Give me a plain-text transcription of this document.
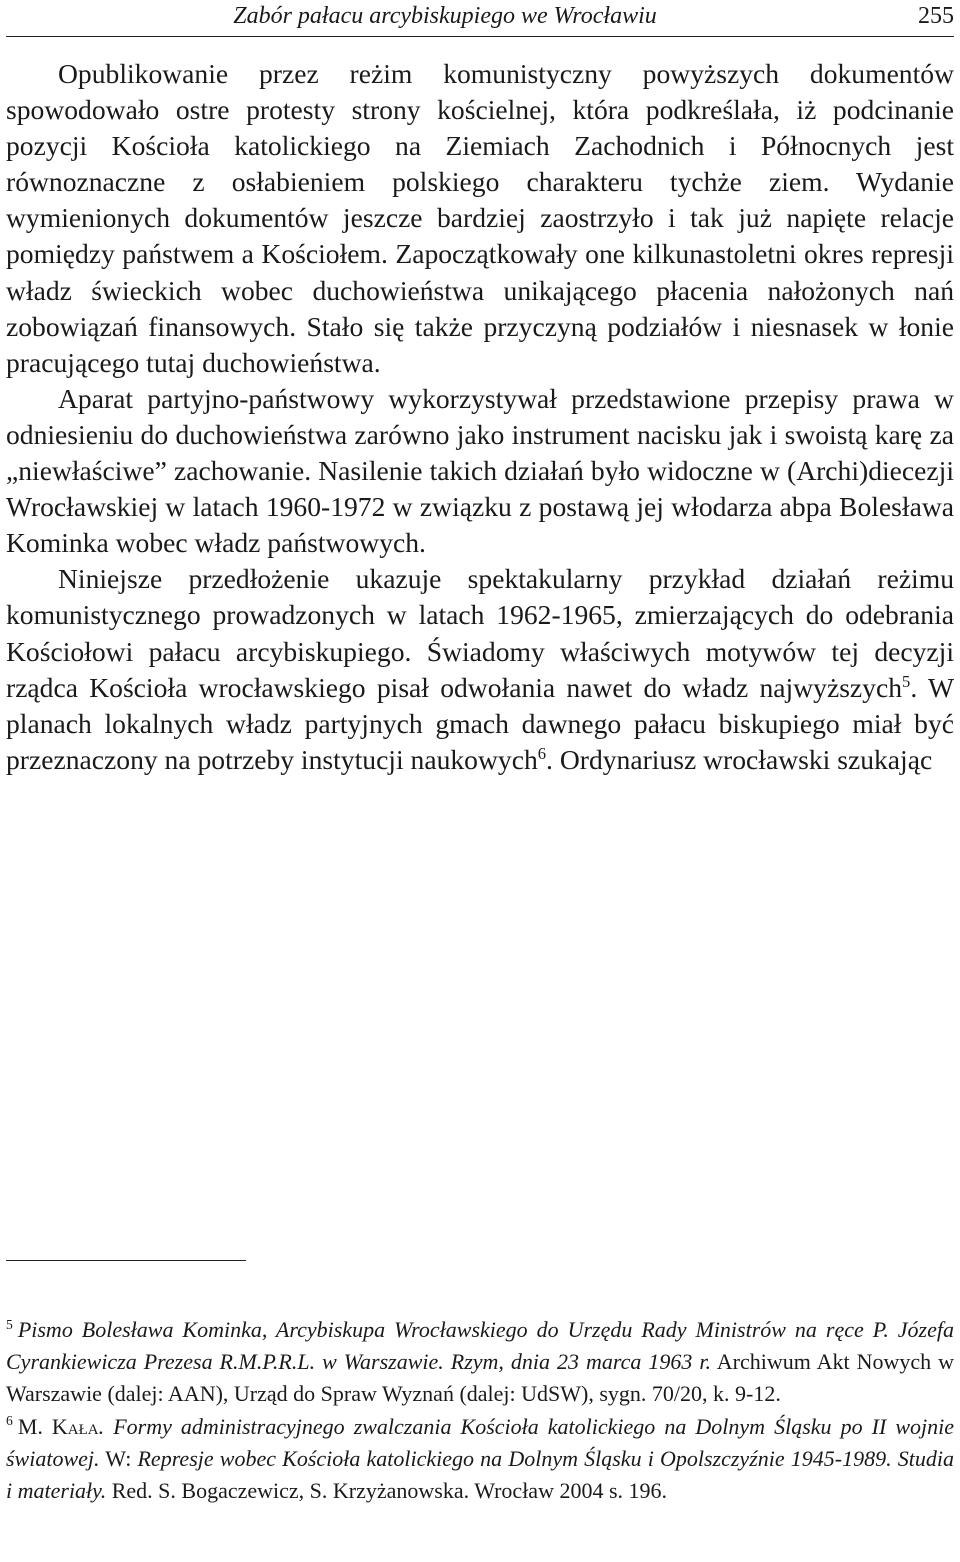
Zabór pałacu arcybiskupiego we Wrocławiu	255

Opublikowanie przez reżim komunistyczny powyższych dokumentów spowodowało ostre protesty strony kościelnej, która podkreślała, iż podcinanie pozycji Kościoła katolickiego na Ziemiach Zachodnich i Północnych jest równoznaczne z osłabieniem polskiego charakteru tychże ziem. Wydanie wymienionych dokumentów jeszcze bardziej zaostrzyło i tak już napięte relacje pomiędzy państwem a Kościołem. Zapoczątkowały one kilkunastoletni okres represji władz świeckich wobec duchowieństwa unikającego płacenia nałożonych nań zobowiązań finansowych. Stało się także przyczyną podziałów i niesnasek w łonie pracującego tutaj duchowieństwa.

Aparat partyjno-państwowy wykorzystywał przedstawione przepisy prawa w odniesieniu do duchowieństwa zarówno jako instrument nacisku jak i swoistą karę za „niewłaściwe” zachowanie. Nasilenie takich działań było widoczne w (Archi)diecezji Wrocławskiej w latach 1960-1972 w związku z postawą jej włodarza abpa Bolesława Kominka wobec władz państwowych.

Niniejsze przedłożenie ukazuje spektakularny przykład działań reżimu komunistycznego prowadzonych w latach 1962-1965, zmierzających do odebrania Kościołowi pałacu arcybiskupiego. Świadomy właściwych motywów tej decyzji rządca Kościoła wrocławskiego pisał odwołania nawet do władz najwyższych$^5$. W planach lokalnych władz partyjnych gmach dawnego pałacu biskupiego miał być przeznaczony na potrzeby instytucji naukowych$^6$. Ordynariusz wrocławski szukając

$^5$ Pismo Bolesława Kominka, Arcybiskupa Wrocławskiego do Urzędu Rady Ministrów na ręce P. Józefa Cyrankiewicza Prezesa R.M.P.R.L. w Warszawie. Rzym, dnia 23 marca 1963 r. Archiwum Akt Nowych w Warszawie (dalej: AAN), Urząd do Spraw Wyznań (dalej: UdSW), sygn. 70/20, k. 9-12.

$^6$ M. Kała. Formy administracyjnego zwalczania Kościoła katolickiego na Dolnym Śląsku po II wojnie światowej. W: Represje wobec Kościoła katolickiego na Dolnym Śląsku i Opolszczyźnie 1945-1989. Studia i materiały. Red. S. Bogaczewicz, S. Krzyżanowska. Wrocław 2004 s. 196.
